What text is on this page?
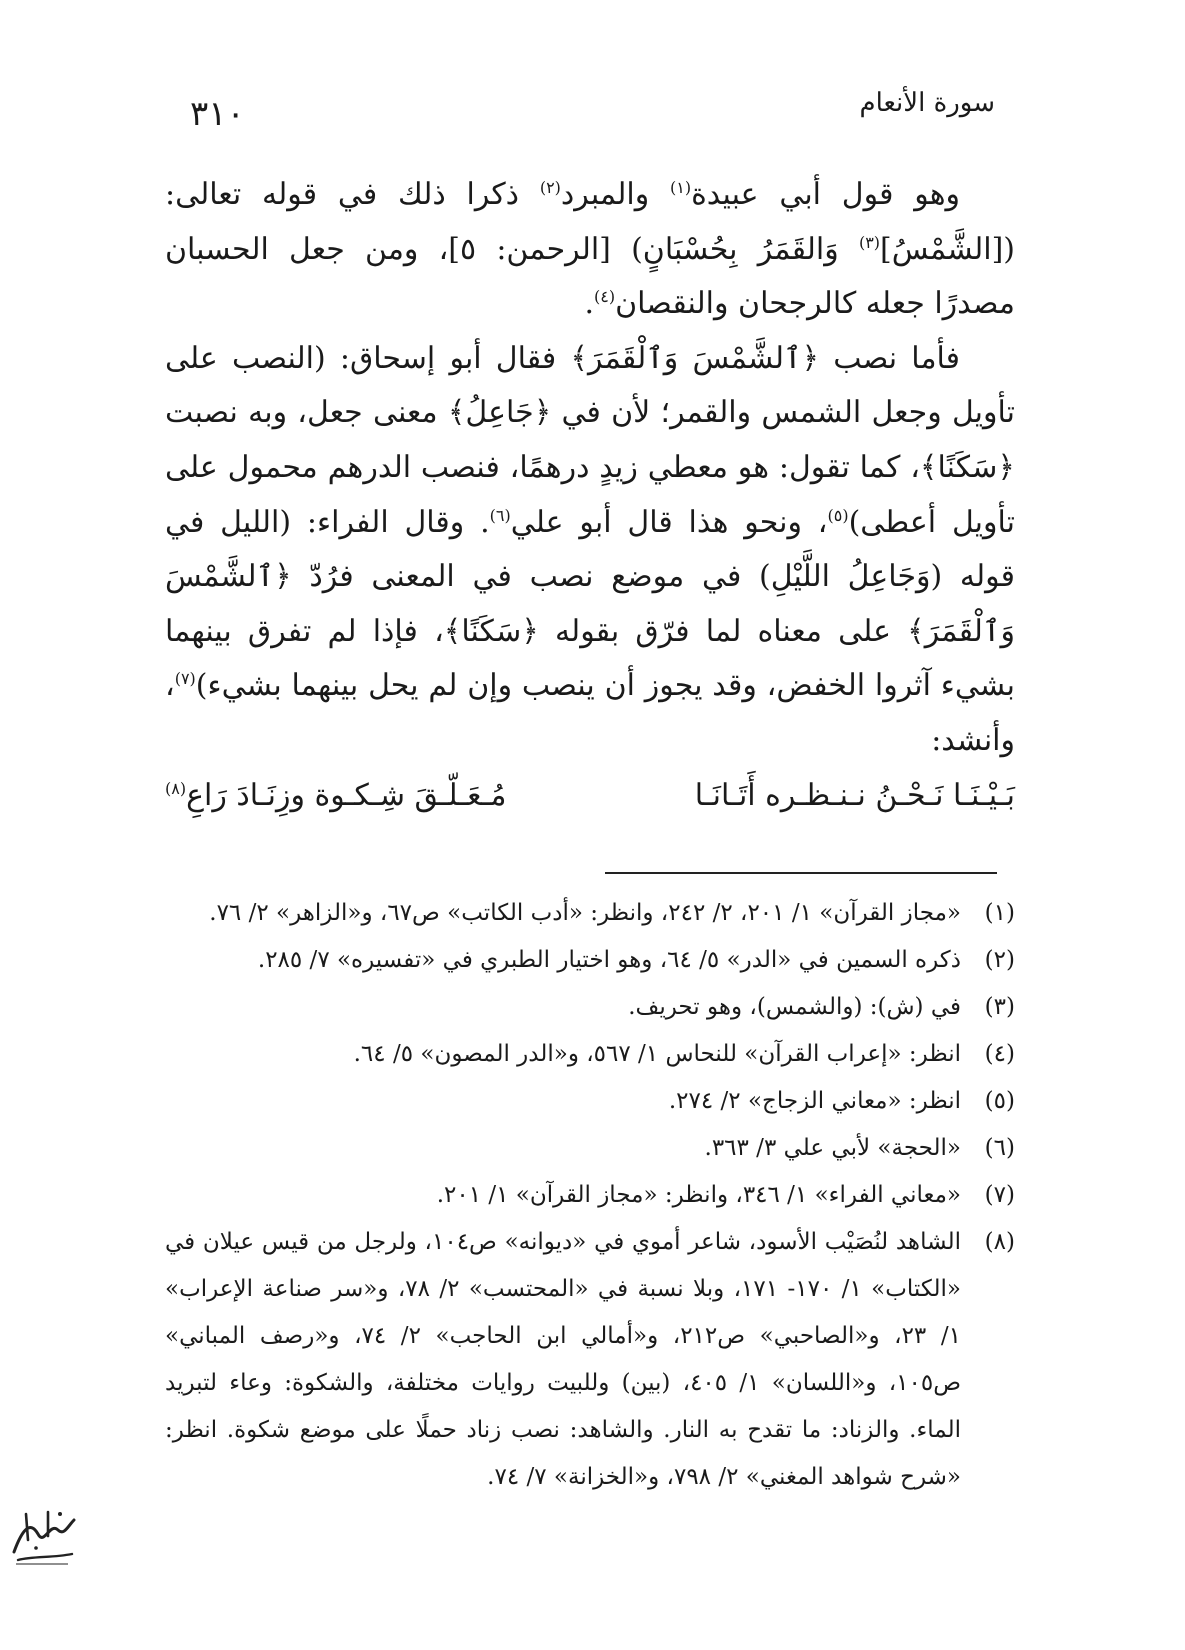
سورة الأنعام
٣١٠

وهو قول أبي عبيدة$^{(١)}$ والمبرد$^{(٢)}$ ذكرا ذلك في قوله تعالى: ([الشَّمْسُ]$^{(٣)}$ وَالقَمَرُ بِحُسْبَانٍ) [الرحمن: ٥]، ومن جعل الحسبان مصدرًا جعله كالرجحان والنقصان$^{(٤)}$.

فأما نصب ﴿ٱلشَّمْسَ وَٱلْقَمَرَ﴾ فقال أبو إسحاق: (النصب على تأويل وجعل الشمس والقمر؛ لأن في ﴿جَاعِلُ﴾ معنى جعل، وبه نصبت ﴿سَكَنًا﴾، كما تقول: هو معطي زيدٍ درهمًا، فنصب الدرهم محمول على تأويل أعطى)$^{(٥)}$، ونحو هذا قال أبو علي$^{(٦)}$. وقال الفراء: (الليل في قوله (وَجَاعِلُ اللَّيْلِ) في موضع نصب في المعنى فرُدّ ﴿ٱلشَّمْسَ وَٱلْقَمَرَ﴾ على معناه لما فرّق بقوله ﴿سَكَنًا﴾، فإذا لم تفرق بينهما بشيء آثروا الخفض، وقد يجوز أن ينصب وإن لم يحل بينهما بشيء)$^{(٧)}$، وأنشد:

بَـيْـنَـا نَـحْـنُ نـنـظـره أَتَـانَـا
مُـعَـلّـقَ شِـكـوة وزِنَـادَ رَاعِ$^{(٨)}$
(١)
«مجاز القرآن» ١/ ٢٠١، ٢/ ٢٤٢، وانظر: «أدب الكاتب» ص٦٧، و«الزاهر» ٢/ ٧٦.
(٢)
ذكره السمين في «الدر» ٥/ ٦٤، وهو اختيار الطبري في «تفسيره» ٧/ ٢٨٥.
(٣)
في (ش): (والشمس)، وهو تحريف.
(٤)
انظر: «إعراب القرآن» للنحاس ١/ ٥٦٧، و«الدر المصون» ٥/ ٦٤.
(٥)
انظر: «معاني الزجاج» ٢/ ٢٧٤.
(٦)
«الحجة» لأبي علي ٣/ ٣٦٣.
(٧)
«معاني الفراء» ١/ ٣٤٦، وانظر: «مجاز القرآن» ١/ ٢٠١.
(٨)
الشاهد لنُصَيْب الأسود، شاعر أموي في «ديوانه» ص١٠٤، ولرجل من قيس عيلان في «الكتاب» ١/ ١٧٠- ١٧١، وبلا نسبة في «المحتسب» ٢/ ٧٨، و«سر صناعة الإعراب» ١/ ٢٣، و«الصاحبي» ص٢١٢، و«أمالي ابن الحاجب» ٢/ ٧٤، و«رصف المباني» ص١٠٥، و«اللسان» ١/ ٤٠٥، (بين) وللبيت روايات مختلفة، والشكوة: وعاء لتبريد الماء. والزناد: ما تقدح به النار. والشاهد: نصب زناد حملًا على موضع شكوة. انظر: «شرح شواهد المغني» ٢/ ٧٩٨، و«الخزانة» ٧/ ٧٤.
